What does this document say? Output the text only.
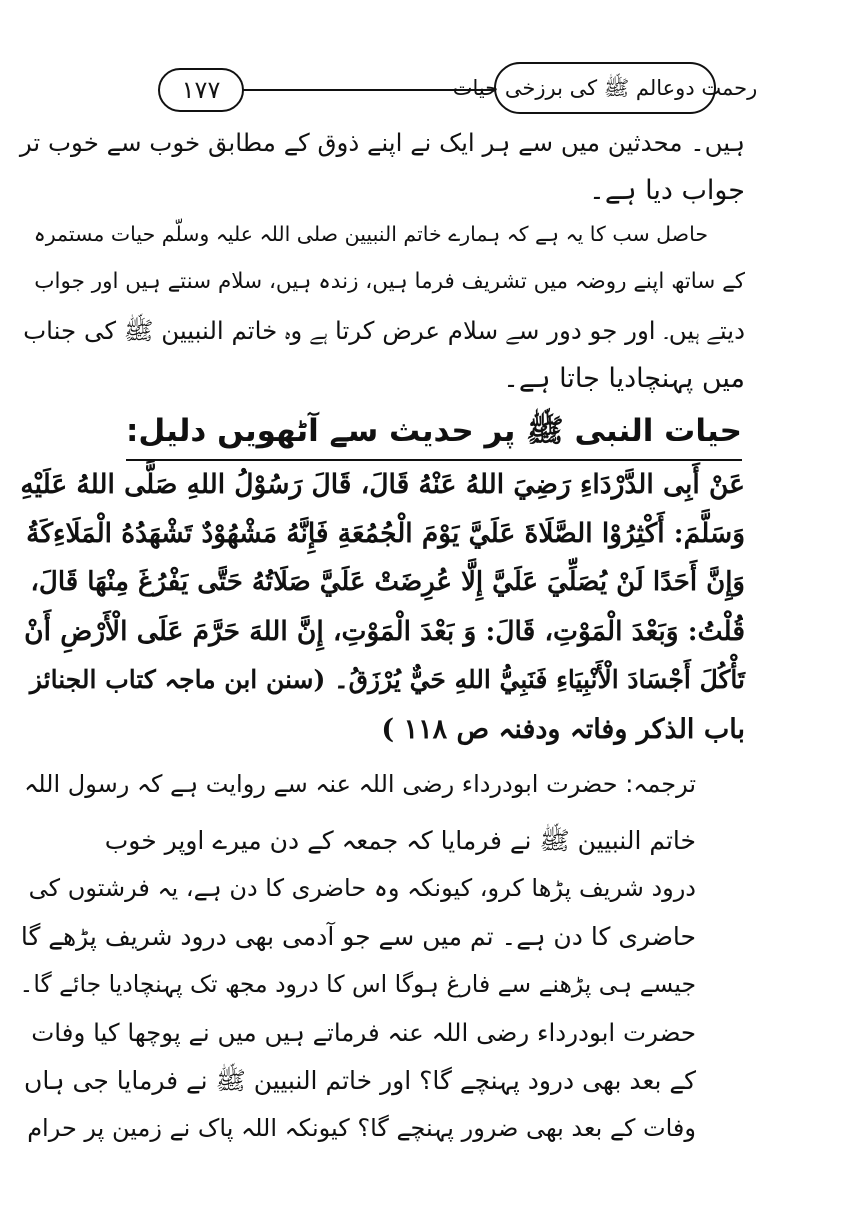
۱۷۷	رحمت دوعالم ﷺ کی برزخی حیات
ہیں۔ محدثین میں سے ہر ایک نے اپنے ذوق کے مطابق خوب سے خوب تر
جواب دیا ہے۔
حاصل سب کا یہ ہے کہ ہمارے خاتم النبیین صلی اللہ علیہ وسلّم حیات مستمرہ
کے ساتھ اپنے روضہ میں تشریف فرما ہیں، زندہ ہیں، سلام سنتے ہیں اور جواب
دیتے ہیں۔ اور جو دور سے سلام عرض کرتا ہے وہ خاتم النبیین ﷺ کی جناب
میں پہنچادیا جاتا ہے۔
حیات النبی ﷺ پر حدیث سے آٹھویں دلیل:
عَنْ أَبِی الدَّرْدَاءِ رَضِيَ اللهُ عَنْهُ قَالَ، قَالَ رَسُوْلُ اللهِ صَلَّى اللهُ عَلَيْهِ
وَسَلَّمَ: أَكْثِرُوْا الصَّلَاةَ عَلَيَّ يَوْمَ الْجُمُعَةِ فَإِنَّهُ مَشْهُوْدٌ تَشْهَدُهُ الْمَلَاءِكَةُ
وَإِنَّ أَحَدًا لَنْ يُصَلِّيَ عَلَيَّ إِلَّا عُرِضَتْ عَلَيَّ صَلَاتُهُ حَتَّى يَفْرُغَ مِنْهَا قَالَ،
قُلْتُ: وَبَعْدَ الْمَوْتِ، قَالَ: وَ بَعْدَ الْمَوْتِ، إِنَّ اللهَ حَرَّمَ عَلَى الْأَرْضِ أَنْ
تَأْكُلَ أَجْسَادَ الْأَنْبِيَاءِ فَنَبِيُّ اللهِ حَيٌّ يُرْزَقُ۔ (سنن ابن ماجہ کتاب الجنائز
باب الذکر وفاتہ ودفنہ ص ۱۱۸ )
ترجمہ: حضرت ابودرداء رضی اللہ عنہ سے روایت ہے کہ رسول اللہ
خاتم النبیین ﷺ نے فرمایا کہ جمعہ کے دن میرے اوپر خوب
درود شریف پڑھا کرو، کیونکہ وہ حاضری کا دن ہے، یہ فرشتوں کی
حاضری کا دن ہے۔ تم میں سے جو آدمی بھی درود شریف پڑھے گا
جیسے ہی پڑھنے سے فارغ ہوگا اس کا درود مجھ تک پہنچادیا جائے گا۔
حضرت ابودرداء رضی اللہ عنہ فرماتے ہیں میں نے پوچھا کیا وفات
کے بعد بھی درود پہنچے گا؟ اور خاتم النبیین ﷺ نے فرمایا جی ہاں
وفات کے بعد بھی ضرور پہنچے گا؟ کیونکہ اللہ پاک نے زمین پر حرام
